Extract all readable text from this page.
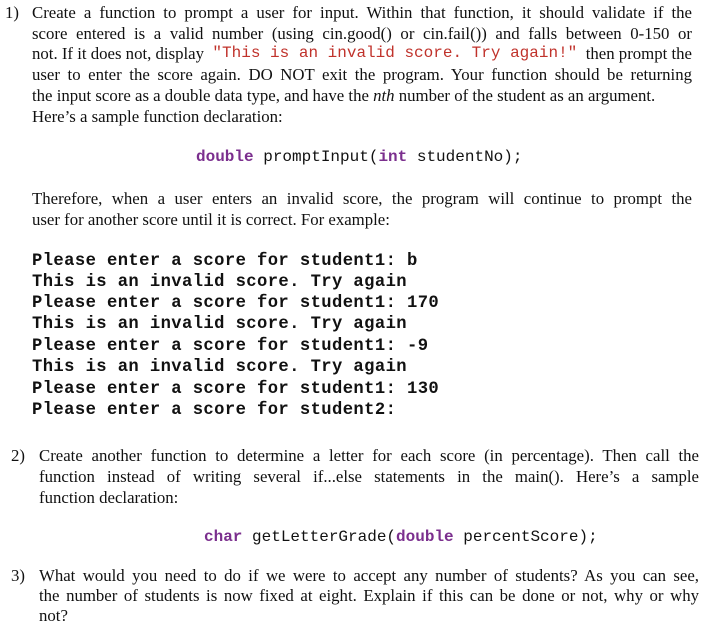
1) Create a function to prompt a user for input. Within that function, it should validate if the
score entered is a valid number (using cin.good() or cin.fail()) and falls between 0-150 or
not. If it does not, display "This is an invalid score. Try again!" then prompt the
user to enter the score again. DO NOT exit the program. Your function should be returning
the input score as a double data type, and have the nth number of the student as an argument.
Here’s a sample function declaration:
double promptInput(int studentNo);
Therefore, when a user enters an invalid score, the program will continue to prompt the
user for another score until it is correct. For example:
Please enter a score for student1: b
This is an invalid score. Try again
Please enter a score for student1: 170
This is an invalid score. Try again
Please enter a score for student1: -9
This is an invalid score. Try again
Please enter a score for student1: 130
Please enter a score for student2:
2) Create another function to determine a letter for each score (in percentage). Then call the
function instead of writing several if...else statements in the main(). Here’s a sample
function declaration:
char getLetterGrade(double percentScore);
3) What would you need to do if we were to accept any number of students? As you can see,
the number of students is now fixed at eight. Explain if this can be done or not, why or why
not?
